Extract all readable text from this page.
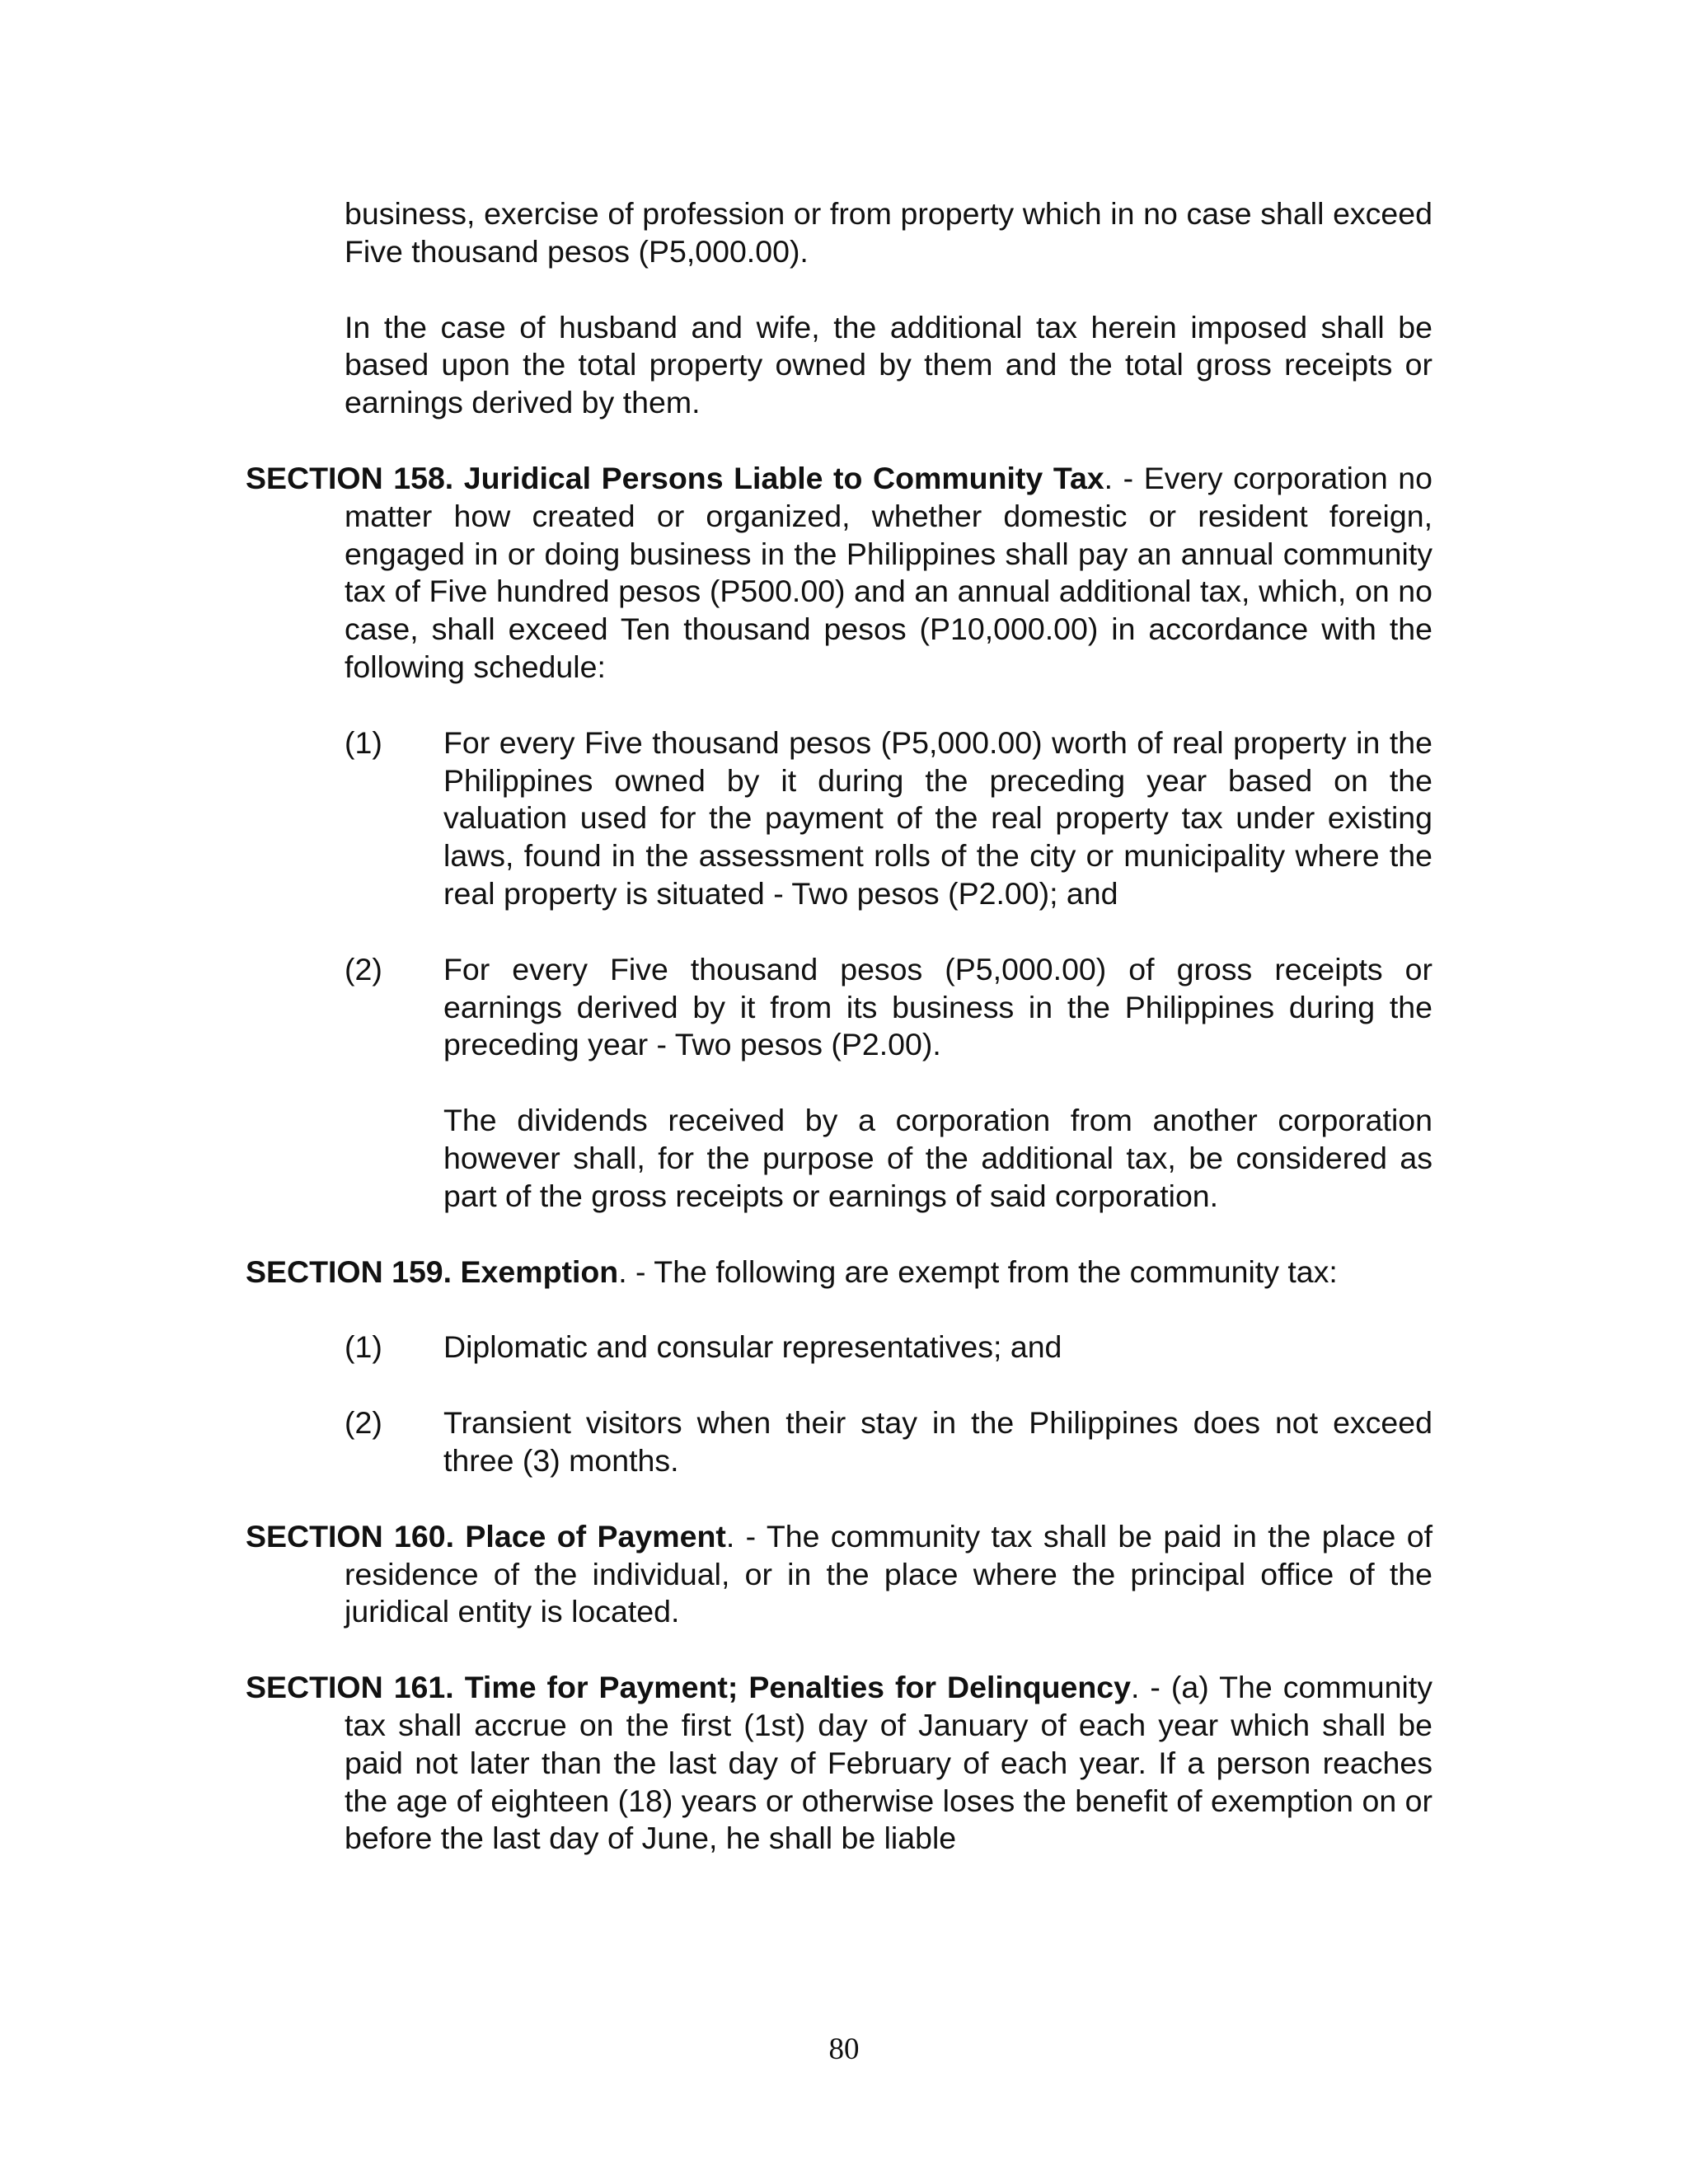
business, exercise of profession or from property which in no case shall exceed Five thousand pesos (P5,000.00).

In the case of husband and wife, the additional tax herein imposed shall be based upon the total property owned by them and the total gross receipts or earnings derived by them.

SECTION 158. Juridical Persons Liable to Community Tax. - Every corporation no matter how created or organized, whether domestic or resident foreign, engaged in or doing business in the Philippines shall pay an annual community tax of Five hundred pesos (P500.00) and an annual additional tax, which, on no case, shall exceed Ten thousand pesos (P10,000.00) in accordance with the following schedule:

(1) For every Five thousand pesos (P5,000.00) worth of real property in the Philippines owned by it during the preceding year based on the valuation used for the payment of the real property tax under existing laws, found in the assessment rolls of the city or municipality where the real property is situated - Two pesos (P2.00); and

(2) For every Five thousand pesos (P5,000.00) of gross receipts or earnings derived by it from its business in the Philippines during the preceding year - Two pesos (P2.00).

The dividends received by a corporation from another corporation however shall, for the purpose of the additional tax, be considered as part of the gross receipts or earnings of said corporation.

SECTION 159. Exemption. - The following are exempt from the community tax:

(1) Diplomatic and consular representatives; and

(2) Transient visitors when their stay in the Philippines does not exceed three (3) months.

SECTION 160. Place of Payment. - The community tax shall be paid in the place of residence of the individual, or in the place where the principal office of the juridical entity is located.

SECTION 161. Time for Payment; Penalties for Delinquency. - (a) The community tax shall accrue on the first (1st) day of January of each year which shall be paid not later than the last day of February of each year. If a person reaches the age of eighteen (18) years or otherwise loses the benefit of exemption on or before the last day of June, he shall be liable

80
